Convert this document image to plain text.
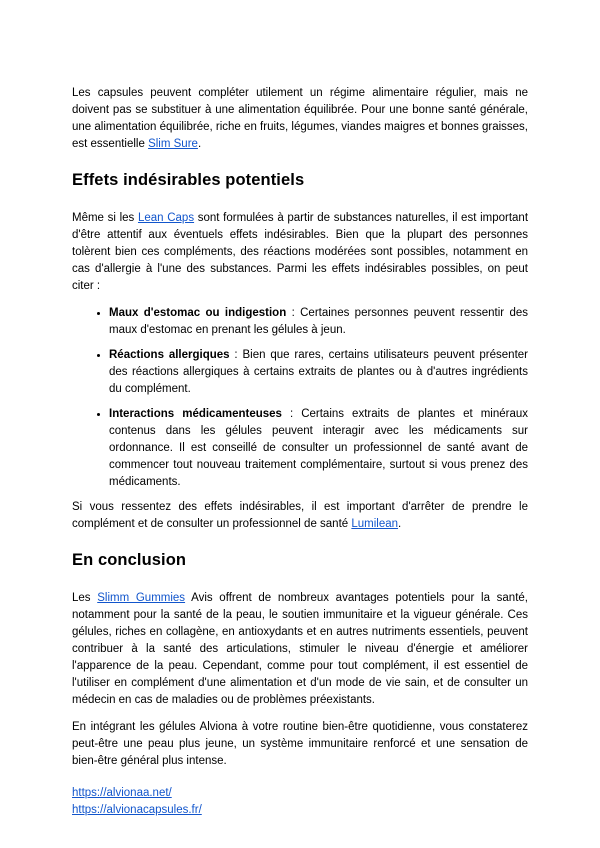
Les capsules peuvent compléter utilement un régime alimentaire régulier, mais ne doivent pas se substituer à une alimentation équilibrée. Pour une bonne santé générale, une alimentation équilibrée, riche en fruits, légumes, viandes maigres et bonnes graisses, est essentielle Slim Sure.

Effets indésirables potentiels

Même si les Lean Caps sont formulées à partir de substances naturelles, il est important d'être attentif aux éventuels effets indésirables. Bien que la plupart des personnes tolèrent bien ces compléments, des réactions modérées sont possibles, notamment en cas d'allergie à l'une des substances. Parmi les effets indésirables possibles, on peut citer :

• Maux d'estomac ou indigestion : Certaines personnes peuvent ressentir des maux d'estomac en prenant les gélules à jeun.
• Réactions allergiques : Bien que rares, certains utilisateurs peuvent présenter des réactions allergiques à certains extraits de plantes ou à d'autres ingrédients du complément.
• Interactions médicamenteuses : Certains extraits de plantes et minéraux contenus dans les gélules peuvent interagir avec les médicaments sur ordonnance. Il est conseillé de consulter un professionnel de santé avant de commencer tout nouveau traitement complémentaire, surtout si vous prenez des médicaments.

Si vous ressentez des effets indésirables, il est important d'arrêter de prendre le complément et de consulter un professionnel de santé Lumilean.

En conclusion

Les Slimm Gummies Avis offrent de nombreux avantages potentiels pour la santé, notamment pour la santé de la peau, le soutien immunitaire et la vigueur générale. Ces gélules, riches en collagène, en antioxydants et en autres nutriments essentiels, peuvent contribuer à la santé des articulations, stimuler le niveau d'énergie et améliorer l'apparence de la peau. Cependant, comme pour tout complément, il est essentiel de l'utiliser en complément d'une alimentation et d'un mode de vie sain, et de consulter un médecin en cas de maladies ou de problèmes préexistants.

En intégrant les gélules Alviona à votre routine bien-être quotidienne, vous constaterez peut-être une peau plus jeune, un système immunitaire renforcé et une sensation de bien-être général plus intense.

https://alvionaa.net/
https://alvionacapsules.fr/
